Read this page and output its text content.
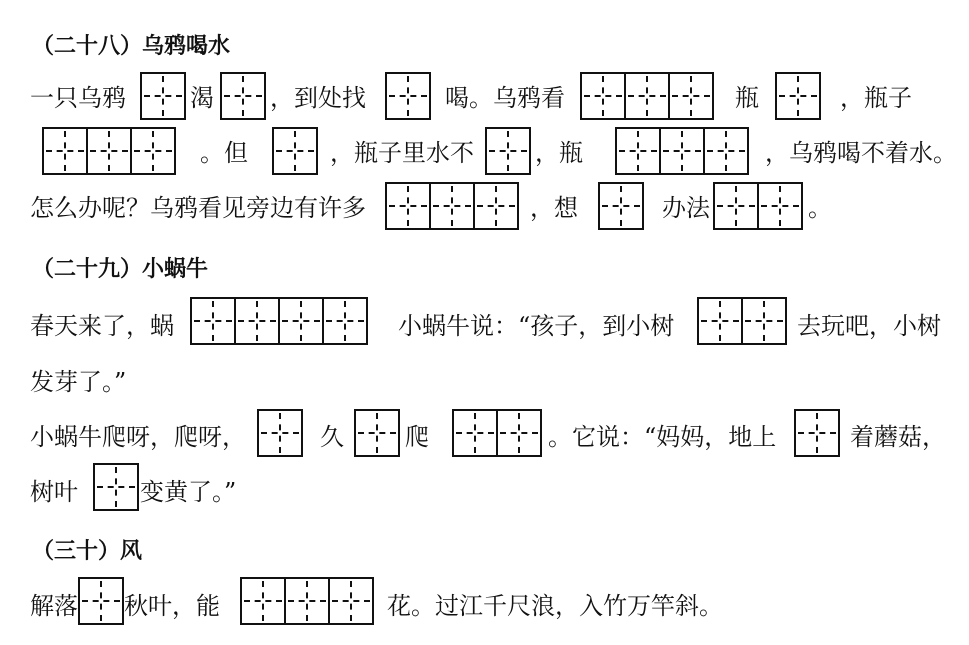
（二十八）乌鸦喝水
一只乌鸦	渴 ，到处找	喝。乌鸦看	瓶	，瓶子
。但	，瓶子里水不	，瓶	，乌鸦喝不着水。
怎么办呢？乌鸦看见旁边有许多	，想	办法	。
（二十九）小蜗牛
春天来了，蜗	小蜗牛说：“孩子，到小树	去玩吧，小树
发芽了。”
小蜗牛爬呀，爬呀，	久	爬	。它说：“妈妈，地上	着蘑菇，
树叶	变黄了。”
（三十）风
解落 秋叶，能	花。过江千尺浪，入竹万竿斜。
